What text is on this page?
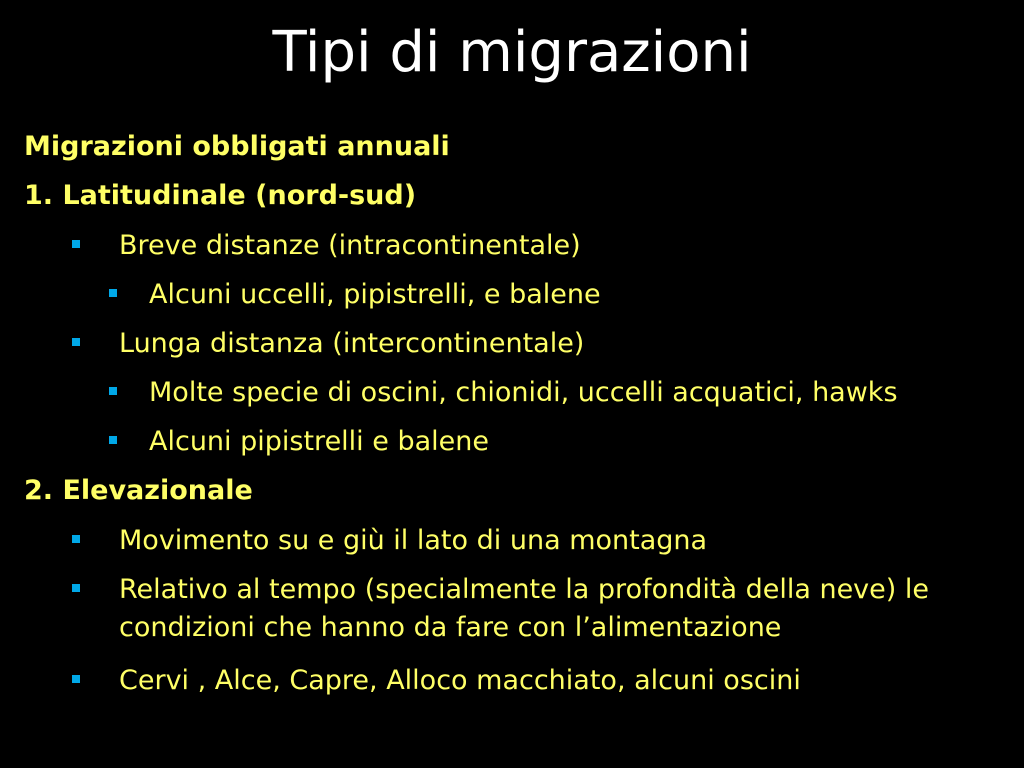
Tipi di migrazioni
Migrazioni obbligati annuali
1. Latitudinale (nord-sud)
Breve distanze (intracontinentale)
Alcuni uccelli, pipistrelli, e balene
Lunga distanza (intercontinentale)
Molte specie di oscini, chionidi, uccelli acquatici, hawks
Alcuni pipistrelli e balene
2. Elevazionale
Movimento su e giù il lato di una montagna
Relativo al tempo (specialmente la profondità della neve) le condizioni che hanno da fare con l’alimentazione
Cervi , Alce, Capre, Alloco macchiato, alcuni oscini
